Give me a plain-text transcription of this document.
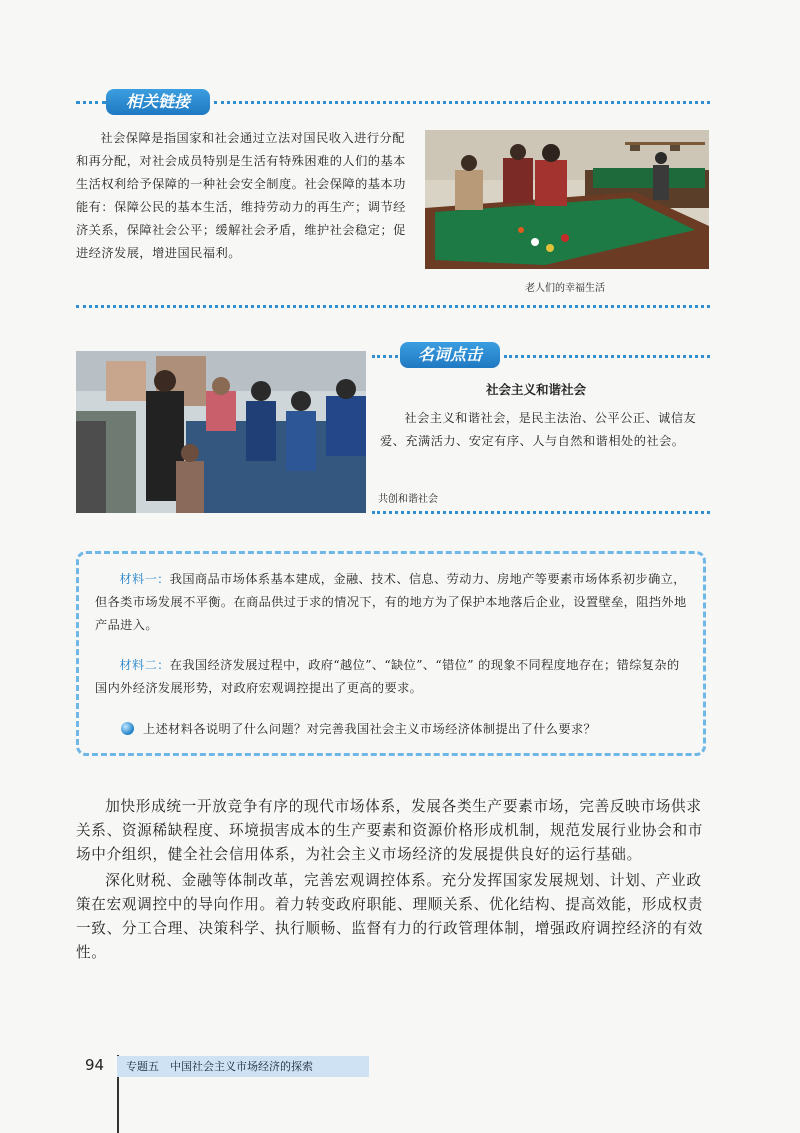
相关链接
社会保障是指国家和社会通过立法对国民收入进行分配和再分配，对社会成员特别是生活有特殊困难的人们的基本生活权利给予保障的一种社会安全制度。社会保障的基本功能有：保障公民的基本生活，维持劳动力的再生产；调节经济关系，保障社会公平；缓解社会矛盾，维护社会稳定；促进经济发展，增进国民福利。
老人们的幸福生活
名词点击
社会主义和谐社会
社会主义和谐社会，是民主法治、公平公正、诚信友爱、充满活力、安定有序、人与自然和谐相处的社会。
共创和谐社会
材料一：我国商品市场体系基本建成，金融、技术、信息、劳动力、房地产等要素市场体系初步确立，但各类市场发展不平衡。在商品供过于求的情况下，有的地方为了保护本地落后企业，设置壁垒，阻挡外地产品进入。
材料二：在我国经济发展过程中，政府“越位”、“缺位”、“错位” 的现象不同程度地存在；错综复杂的国内外经济发展形势，对政府宏观调控提出了更高的要求。
上述材料各说明了什么问题？对完善我国社会主义市场经济体制提出了什么要求？

加快形成统一开放竞争有序的现代市场体系，发展各类生产要素市场，完善反映市场供求关系、资源稀缺程度、环境损害成本的生产要素和资源价格形成机制，规范发展行业协会和市场中介组织，健全社会信用体系，为社会主义市场经济的发展提供良好的运行基础。

深化财税、金融等体制改革，完善宏观调控体系。充分发挥国家发展规划、计划、产业政策在宏观调控中的导向作用。着力转变政府职能、理顺关系、优化结构、提高效能，形成权责一致、分工合理、决策科学、执行顺畅、监督有力的行政管理体制，增强政府调控经济的有效性。

94 专题五　中国社会主义市场经济的探索
